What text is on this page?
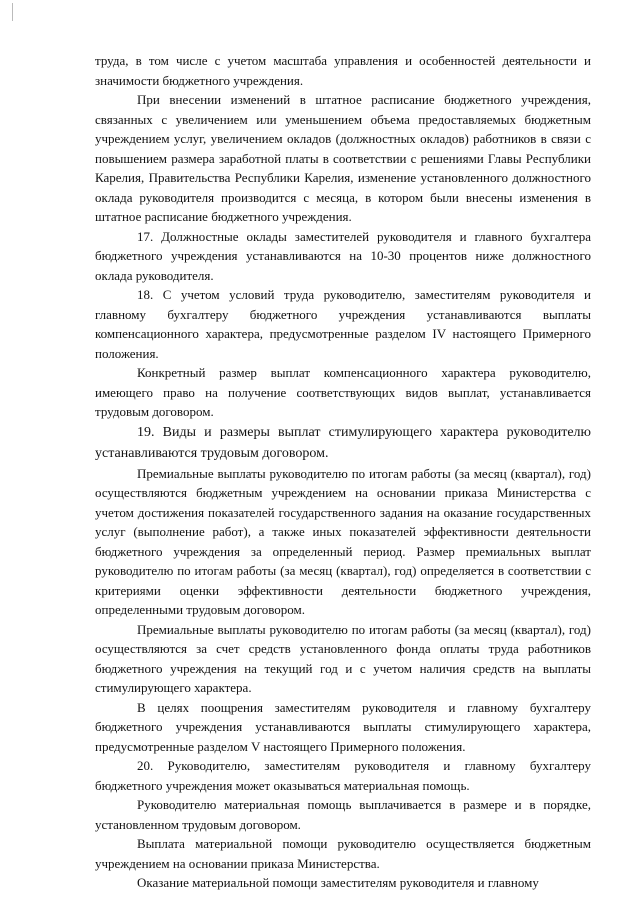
труда, в том числе с учетом масштаба управления и особенностей деятельности и значимости бюджетного учреждения.

При внесении изменений в штатное расписание бюджетного учреждения, связанных с увеличением или уменьшением объема предоставляемых бюджетным учреждением услуг, увеличением окладов (должностных окладов) работников в связи с повышением размера заработной платы в соответствии с решениями Главы Республики Карелия, Правительства Республики Карелия, изменение установленного должностного оклада руководителя производится с месяца, в котором были внесены изменения в штатное расписание бюджетного учреждения.

17. Должностные оклады заместителей руководителя и главного бухгалтера бюджетного учреждения устанавливаются на 10-30 процентов ниже должностного оклада руководителя.

18. С учетом условий труда руководителю, заместителям руководителя и главному бухгалтеру бюджетного учреждения устанавливаются выплаты компенсационного характера, предусмотренные разделом IV настоящего Примерного положения.

Конкретный размер выплат компенсационного характера руководителю, имеющего право на получение соответствующих видов выплат, устанавливается трудовым договором.

19. Виды и размеры выплат стимулирующего характера руководителю устанавливаются трудовым договором.

Премиальные выплаты руководителю по итогам работы (за месяц (квартал), год) осуществляются бюджетным учреждением на основании приказа Министерства с учетом достижения показателей государственного задания на оказание государственных услуг (выполнение работ), а также иных показателей эффективности деятельности бюджетного учреждения за определенный период. Размер премиальных выплат руководителю по итогам работы (за месяц (квартал), год) определяется в соответствии с критериями оценки эффективности деятельности бюджетного учреждения, определенными трудовым договором.

Премиальные выплаты руководителю по итогам работы (за месяц (квартал), год) осуществляются за счет средств установленного фонда оплаты труда работников бюджетного учреждения на текущий год и с учетом наличия средств на выплаты стимулирующего характера.

В целях поощрения заместителям руководителя и главному бухгалтеру бюджетного учреждения устанавливаются выплаты стимулирующего характера, предусмотренные разделом V настоящего Примерного положения.

20. Руководителю, заместителям руководителя и главному бухгалтеру бюджетного учреждения может оказываться материальная помощь.

Руководителю материальная помощь выплачивается в размере и в порядке, установленном трудовым договором.

Выплата материальной помощи руководителю осуществляется бюджетным учреждением на основании приказа Министерства.

Оказание материальной помощи заместителям руководителя и главному
